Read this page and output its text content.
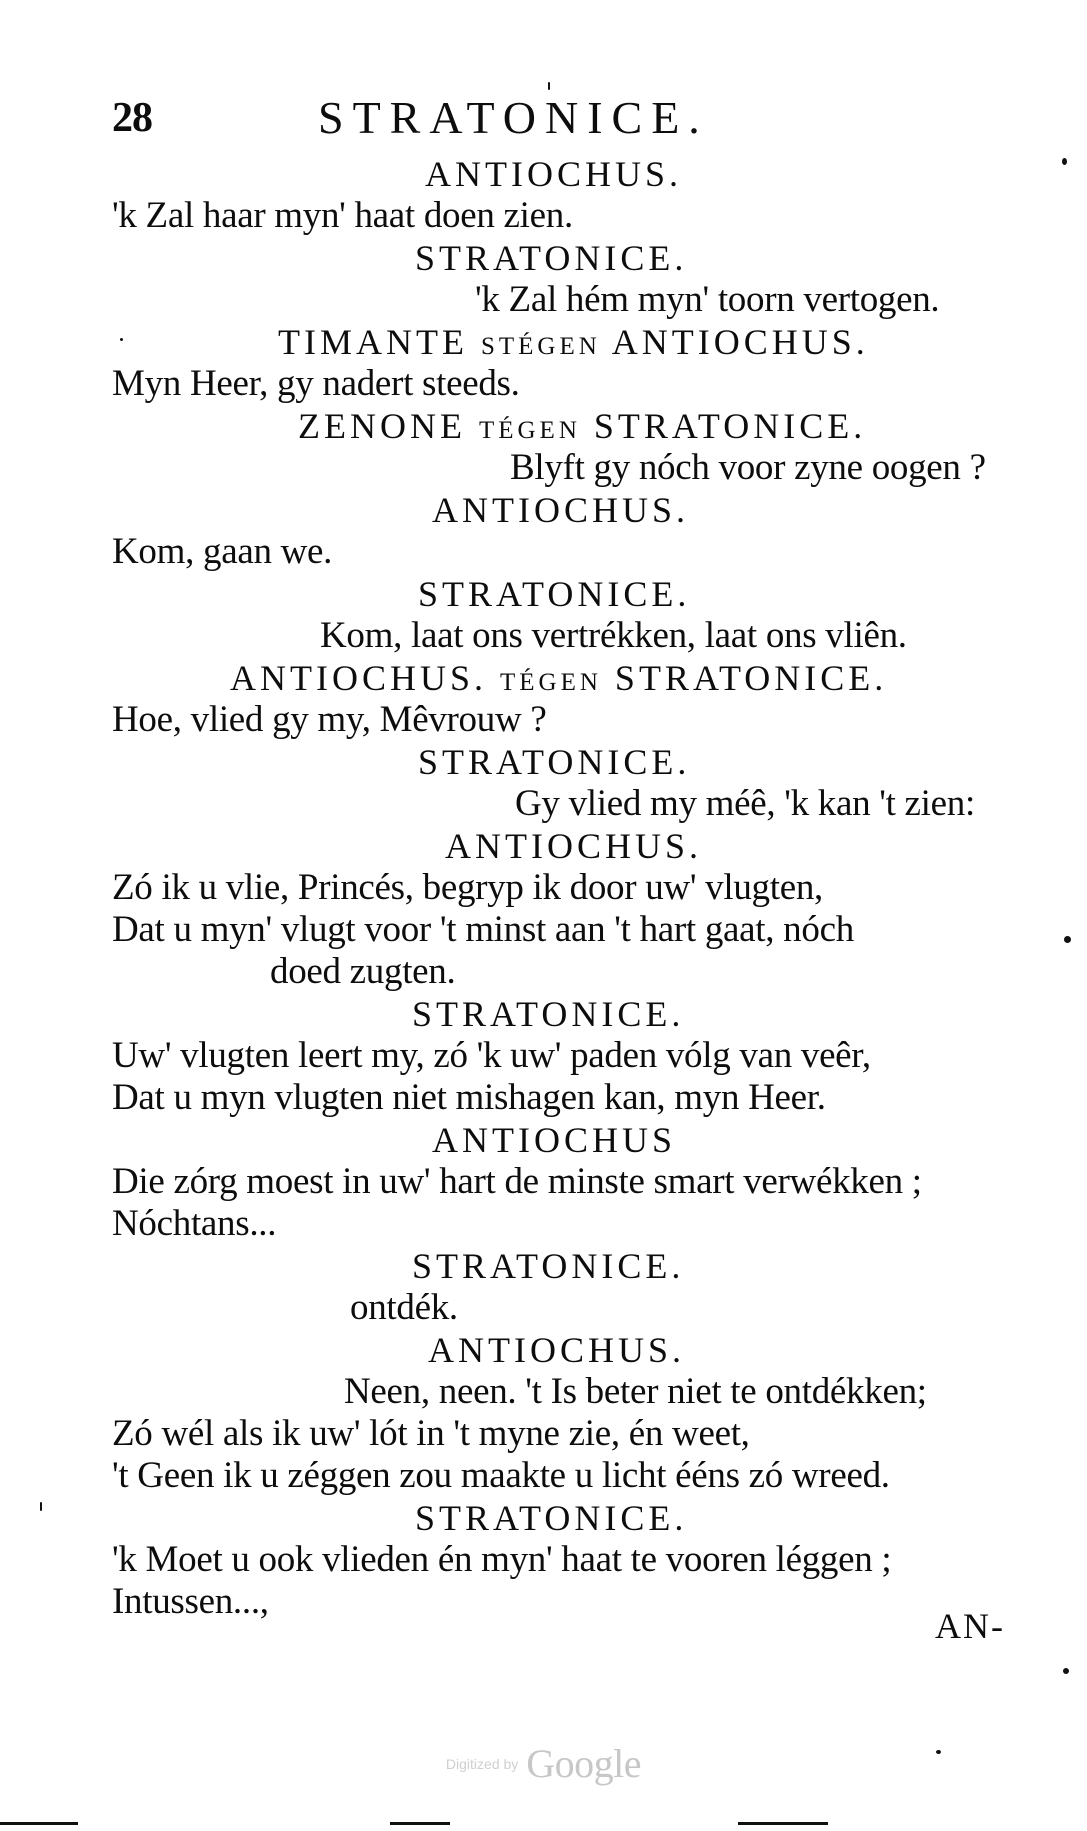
28	STRATONICE.
ANTIOCHUS.
'k Zal haar myn' haat doen zien.
STRATONICE.
'k Zal hém myn' toorn vertogen.
TIMANTE stégen ANTIOCHUS.
Myn Heer, gy nadert steeds.
ZENONE tégen STRATONICE.
Blyft gy nóch voor zyne oogen ?
ANTIOCHUS.
Kom, gaan we.
STRATONICE.
Kom, laat ons vertrékken, laat ons vliên.
ANTIOCHUS. tégen STRATONICE.
Hoe, vlied gy my, Mêvrouw ?
STRATONICE.
Gy vlied my méê, 'k kan 't zien:
ANTIOCHUS.
Zó ik u vlie, Princés, begryp ik door uw' vlugten,
Dat u myn' vlugt voor 't minst aan 't hart gaat, nóch
doed zugten.
STRATONICE.
Uw' vlugten leert my, zó 'k uw' paden vólg van veêr,
Dat u myn vlugten niet mishagen kan, myn Heer.
ANTIOCHUS
Die zórg moest in uw' hart de minste smart verwékken ;
Nóchtans...
STRATONICE.
ontdék.
ANTIOCHUS.
Neen, neen. 't Is beter niet te ontdékken;
Zó wél als ik uw' lót in 't myne zie, én weet,
't Geen ik u zéggen zou maakte u licht ééns zó wreed.
STRATONICE.
'k Moet u ook vlieden én myn' haat te vooren léggen ;
Intussen...,
AN-
Digitized by Google
